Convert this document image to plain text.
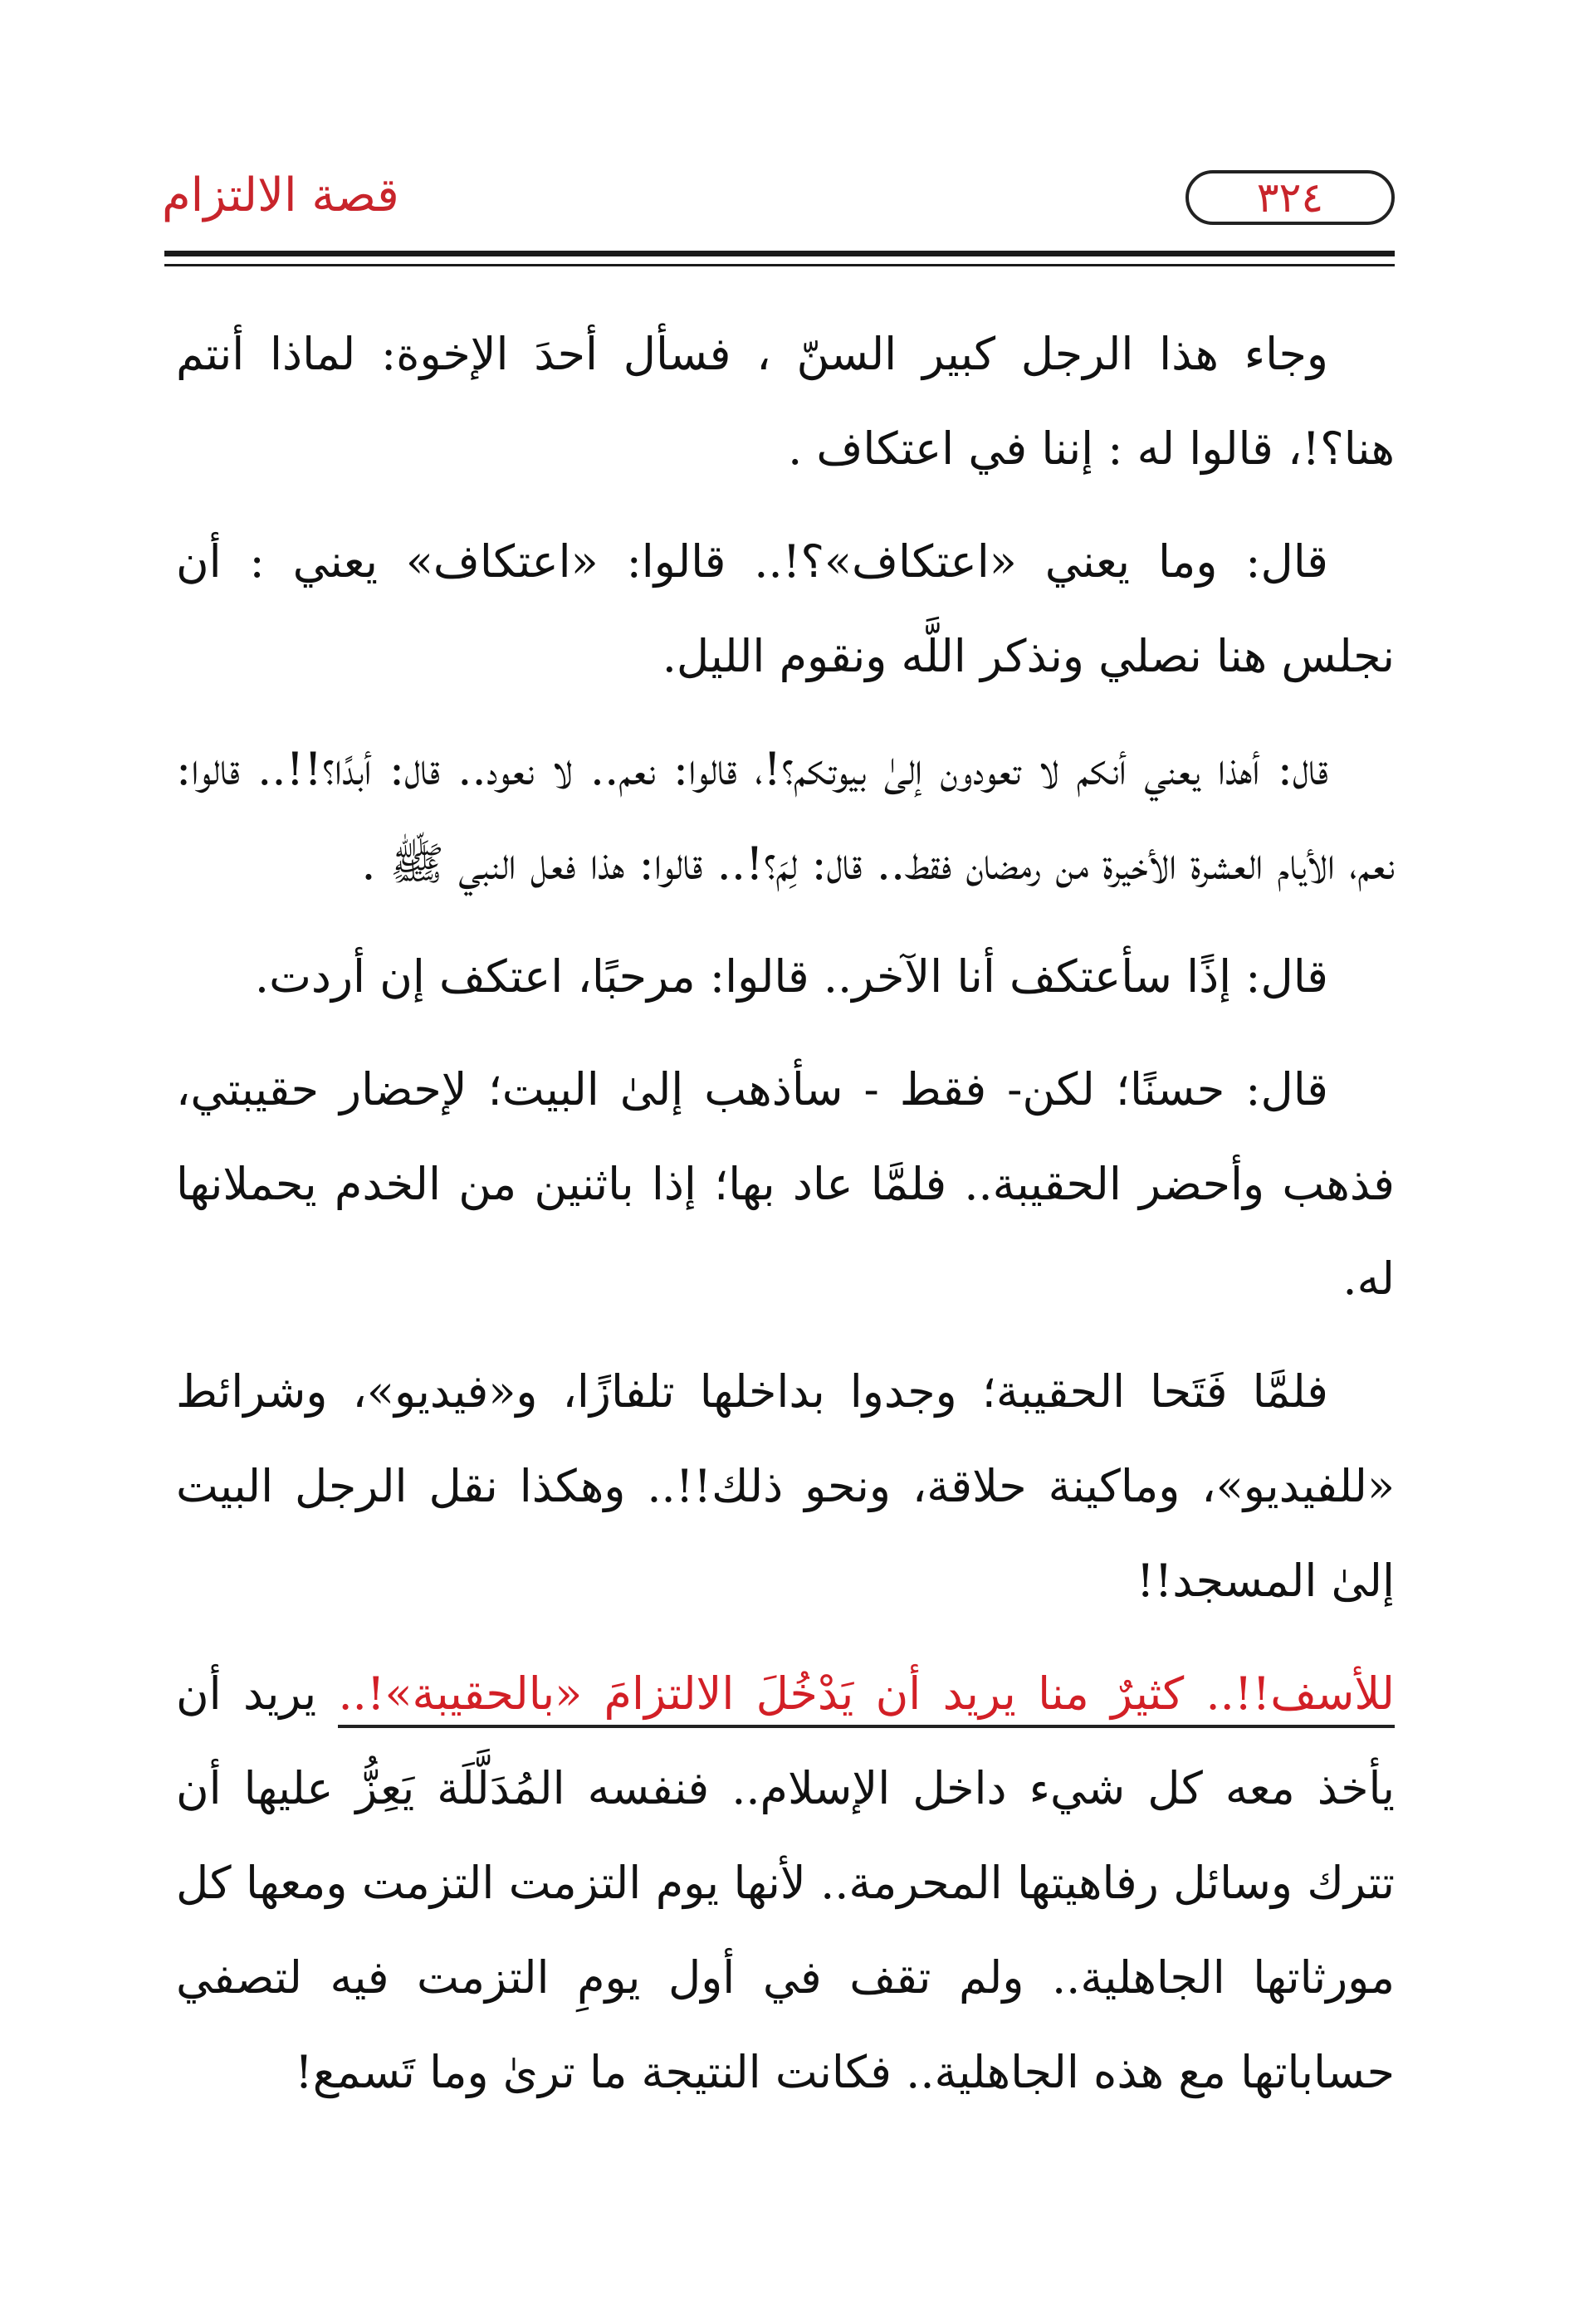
قصة الالتزام	٣٢٤

وجاء هذا الرجل كبير السنّ ، فسأل أحدَ الإخوة: لماذا أنتم هنا؟!، قالوا له : إننا في اعتكاف .

قال: وما يعني «اعتكاف»؟!.. قالوا: «اعتكاف» يعني : أن نجلس هنا نصلي ونذكر اللَّه ونقوم الليل.

قال: أهذا يعني أنكم لا تعودون إلىٰ بيوتكم؟!، قالوا: نعم.. لا نعود.. قال: أبدًا؟!!.. قالوا: نعم، الأيام العشرة الأخيرة من رمضان فقط.. قال: لِمَ؟!.. قالوا: هذا فعل النبي ﷺ .

قال: إذًا سأعتكف أنا الآخر.. قالوا: مرحبًا، اعتكف إن أردت.

قال: حسنًا؛ لكن- فقط - سأذهب إلىٰ البيت؛ لإحضار حقيبتي، فذهب وأحضر الحقيبة.. فلمَّا عاد بها؛ إذا باثنين من الخدم يحملانها له.

فلمَّا فَتَحا الحقيبة؛ وجدوا بداخلها تلفازًا، و«فيديو»، وشرائط «للفيديو»، وماكينة حلاقة، ونحو ذلك!!.. وهكذا نقل الرجل البيت إلىٰ المسجد!!

للأسف!!.. كثيرٌ منا يريد أن يَدْخُلَ الالتزامَ «بالحقيبة»!.. يريد أن يأخذ معه كل شيء داخل الإسلام.. فنفسه المُدَلَّلَة يَعِزُّ عليها أن تترك وسائل رفاهيتها المحرمة.. لأنها يوم التزمت التزمت ومعها كل مورثاتها الجاهلية.. ولم تقف في أول يومِ التزمت فيه لتصفي حساباتها مع هذه الجاهلية.. فكانت النتيجة ما ترىٰ وما تَسمع!
